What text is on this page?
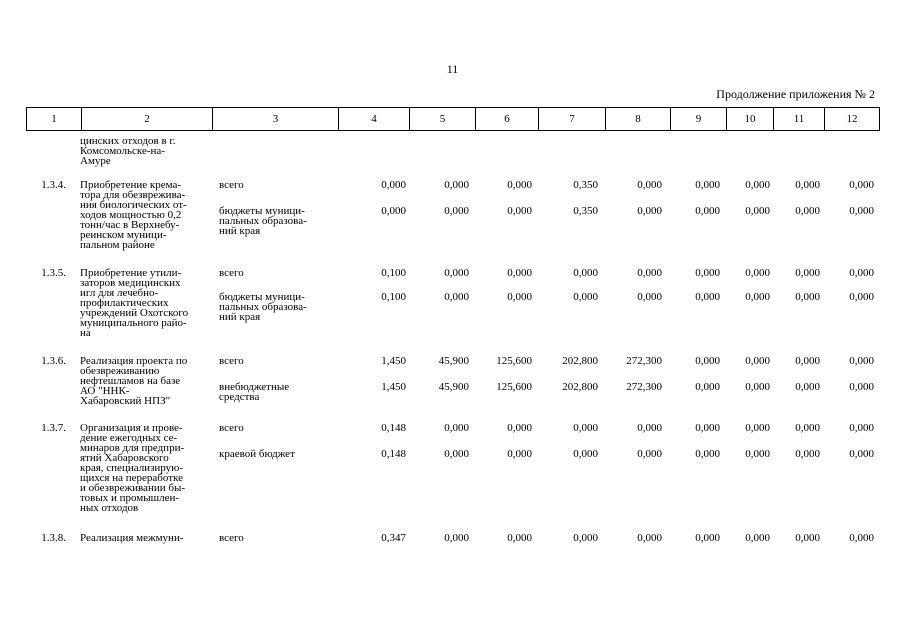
11
Продолжение приложения № 2
1	2	3	4	5	6	7	8	9	10	11	12
цинских отходов в г.
Комсомольске-на-
Амуре
1.3.4. Приобретение крема-
тора для обезврежива-
ния биологических от-
ходов мощностью 0,2
тонн/час в Верхнебу-
реинском муници-
пальном районе
всего	0,000	0,000	0,000	0,350	0,000	0,000 0,000 0,000	0,000
бюджеты муници-
пальных образова-
ний края
0,000	0,000	0,000	0,350	0,000	0,000 0,000 0,000	0,000
1.3.5. Приобретение утили-
заторов медицинских
игл для лечебно-
профилактических
учреждений Охотского
муниципального райо-
на
всего	0,100	0,000	0,000	0,000	0,000	0,000 0,000 0,000	0,000
бюджеты муници-
пальных образова-
ний края
0,100	0,000	0,000	0,000	0,000	0,000 0,000 0,000	0,000
1.3.6. Реализация проекта по
обезвреживанию
нефтешламов на базе
АО "ННК-
Хабаровский НПЗ"
всего	1,450	45,900 125,600	202,800	272,300	0,000 0,000 0,000	0,000
внебюджетные
средства
1,450	45,900 125,600	202,800	272,300	0,000 0,000 0,000	0,000
1.3.7. Организация и прове-
дение ежегодных се-
минаров для предпри-
ятий Хабаровского
края, специализирую-
щихся на переработке
и обезвреживании бы-
товых и промышлен-
ных отходов
всего	0,148	0,000	0,000	0,000	0,000	0,000 0,000 0,000	0,000
краевой бюджет	0,148	0,000	0,000	0,000	0,000	0,000 0,000 0,000	0,000
1.3.8. Реализация межмуни-	всего	0,347	0,000	0,000	0,000	0,000	0,000 0,000 0,000	0,000
